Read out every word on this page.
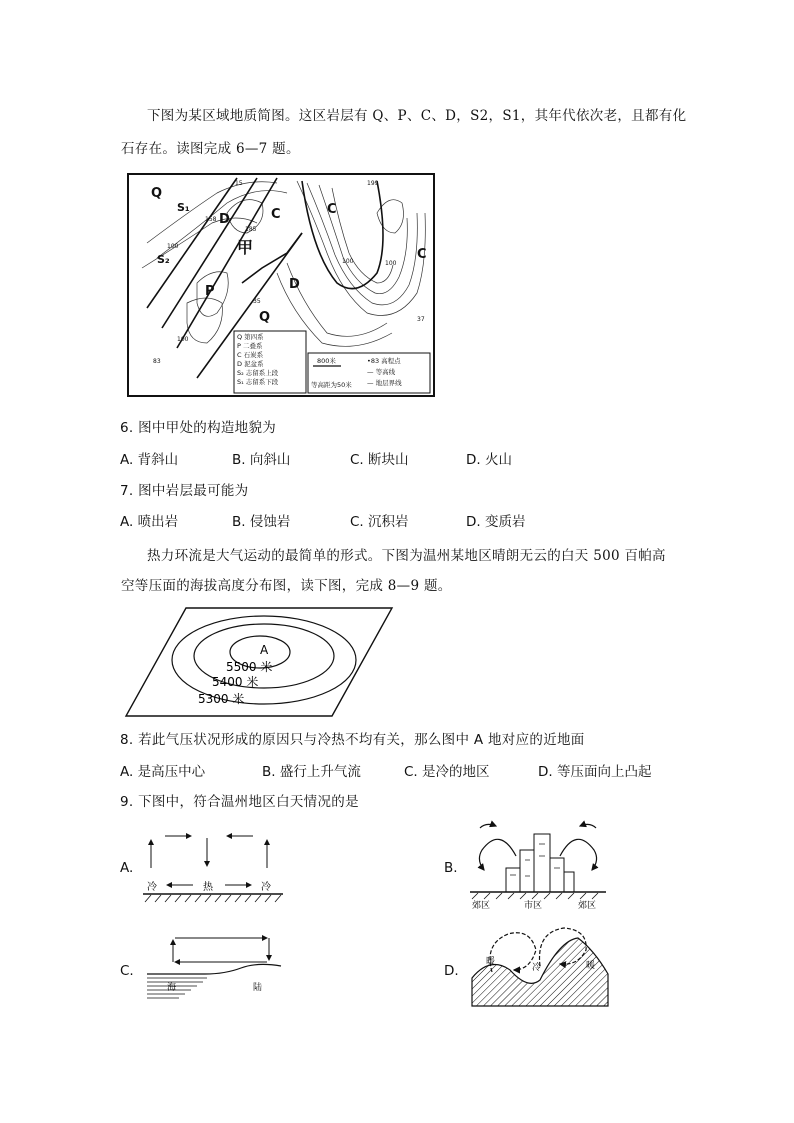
下图为某区域地质简图。这区岩层有 Q、P、C、D，S2，S1，其年代依次老，且都有化
石存在。读图完成 6—7 题。
Q 第四系
P 二叠系
C 石炭系
D 泥盆系
S₂ 志留系上段
S₁ 志留系下段
800米
等高距为50米
•83 高程点
— 等高线
— 地层界线
Q
S₁
S₂
D
P
C	C
D
C
Q
甲
158
185
15
35
199
37
83
100
100
100
100
6. 图中甲处的构造地貌为
A. 背斜山	B. 向斜山	C. 断块山	D. 火山
7. 图中岩层最可能为
A. 喷出岩	B. 侵蚀岩	C. 沉积岩	D. 变质岩
热力环流是大气运动的最简单的形式。下图为温州某地区晴朗无云的白天 500 百帕高
空等压面的海拔高度分布图，读下图，完成 8—9 题。
A
5500 米
5400 米
5300 米
8. 若此气压状况形成的原因只与冷热不均有关，那么图中 A 地对应的近地面
A. 是高压中心	B. 盛行上升气流	C. 是冷的地区	D. 等压面向上凸起
9. 下图中，符合温州地区白天情况的是
A.
冷	热	冷
B.
郊区	市区	郊区
C.
海	陆
D.
暖
冷	暖
